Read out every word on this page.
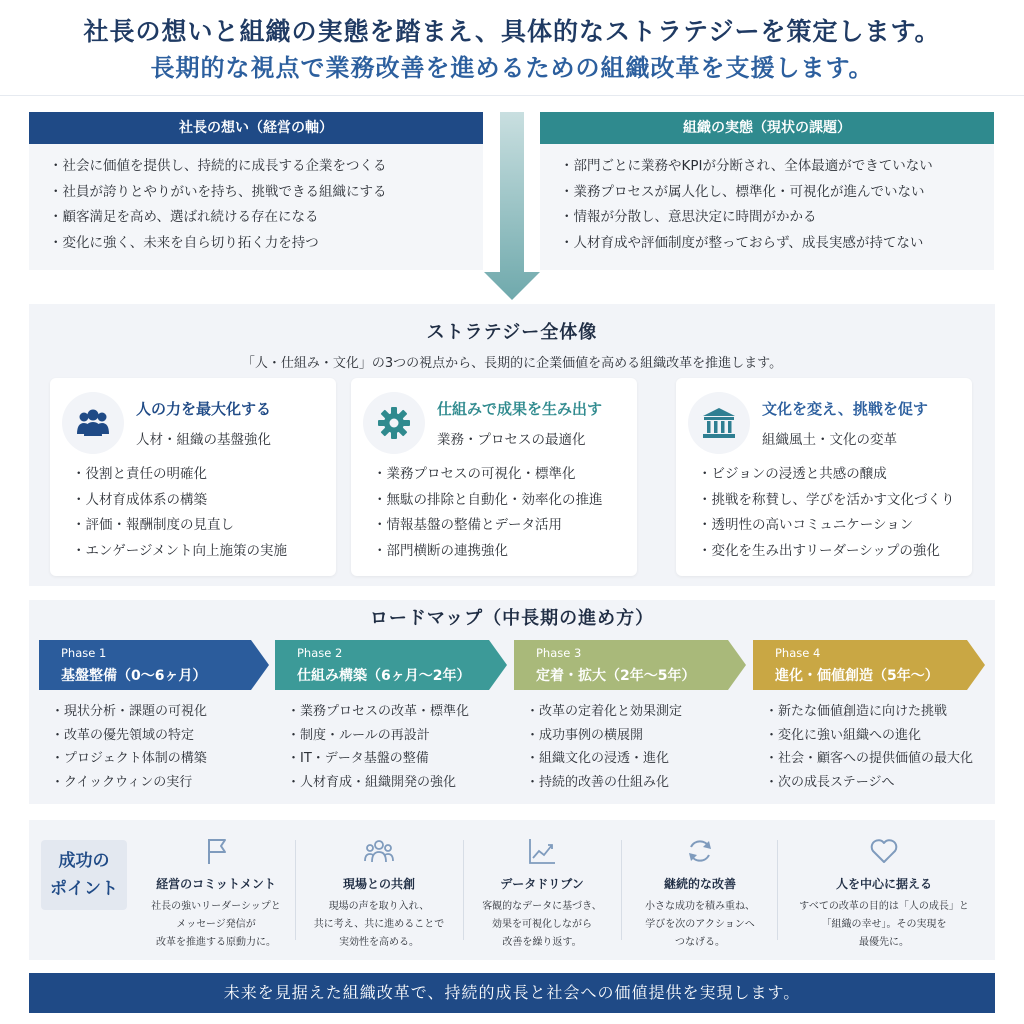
社長の想いと組織の実態を踏まえ、具体的なストラテジーを策定します。
長期的な視点で業務改善を進めるための組織改革を支援します。
社長の想い（経営の軸）
・社会に価値を提供し、持続的に成長する企業をつくる
・社員が誇りとやりがいを持ち、挑戦できる組織にする
・顧客満足を高め、選ばれ続ける存在になる
・変化に強く、未来を自ら切り拓く力を持つ
組織の実態（現状の課題）
・部門ごとに業務やKPIが分断され、全体最適ができていない
・業務プロセスが属人化し、標準化・可視化が進んでいない
・情報が分散し、意思決定に時間がかかる
・人材育成や評価制度が整っておらず、成長実感が持てない
ストラテジー全体像
「人・仕組み・文化」の3つの視点から、長期的に企業価値を高める組織改革を推進します。
人の力を最大化する
人材・組織の基盤強化
・役割と責任の明確化
・人材育成体系の構築
・評価・報酬制度の見直し
・エンゲージメント向上施策の実施
仕組みで成果を生み出す
業務・プロセスの最適化
・業務プロセスの可視化・標準化
・無駄の排除と自動化・効率化の推進
・情報基盤の整備とデータ活用
・部門横断の連携強化
文化を変え、挑戦を促す
組織風土・文化の変革
・ビジョンの浸透と共感の醸成
・挑戦を称賛し、学びを活かす文化づくり
・透明性の高いコミュニケーション
・変化を生み出すリーダーシップの強化
ロードマップ（中長期の進め方）
Phase 1
基盤整備（0〜6ヶ月）
Phase 2
仕組み構築（6ヶ月〜2年）
Phase 3
定着・拡大（2年〜5年）
Phase 4
進化・価値創造（5年〜）
・現状分析・課題の可視化
・改革の優先領域の特定
・プロジェクト体制の構築
・クイックウィンの実行
・業務プロセスの改革・標準化
・制度・ルールの再設計
・IT・データ基盤の整備
・人材育成・組織開発の強化
・改革の定着化と効果測定
・成功事例の横展開
・組織文化の浸透・進化
・持続的改善の仕組み化
・新たな価値創造に向けた挑戦
・変化に強い組織への進化
・社会・顧客への提供価値の最大化
・次の成長ステージへ
成功の
ポイント	経営のコミットメント
社長の強いリーダーシップと
メッセージ発信が
改革を推進する原動力に。
現場との共創
現場の声を取り入れ、
共に考え、共に進めることで
実効性を高める。
データドリブン
客観的なデータに基づき、
効果を可視化しながら
改善を繰り返す。
継続的な改善
小さな成功を積み重ね、
学びを次のアクションへ
つなげる。
人を中心に据える
すべての改革の目的は「人の成長」と
「組織の幸せ」。その実現を
最優先に。
未来を見据えた組織改革で、持続的成長と社会への価値提供を実現します。
